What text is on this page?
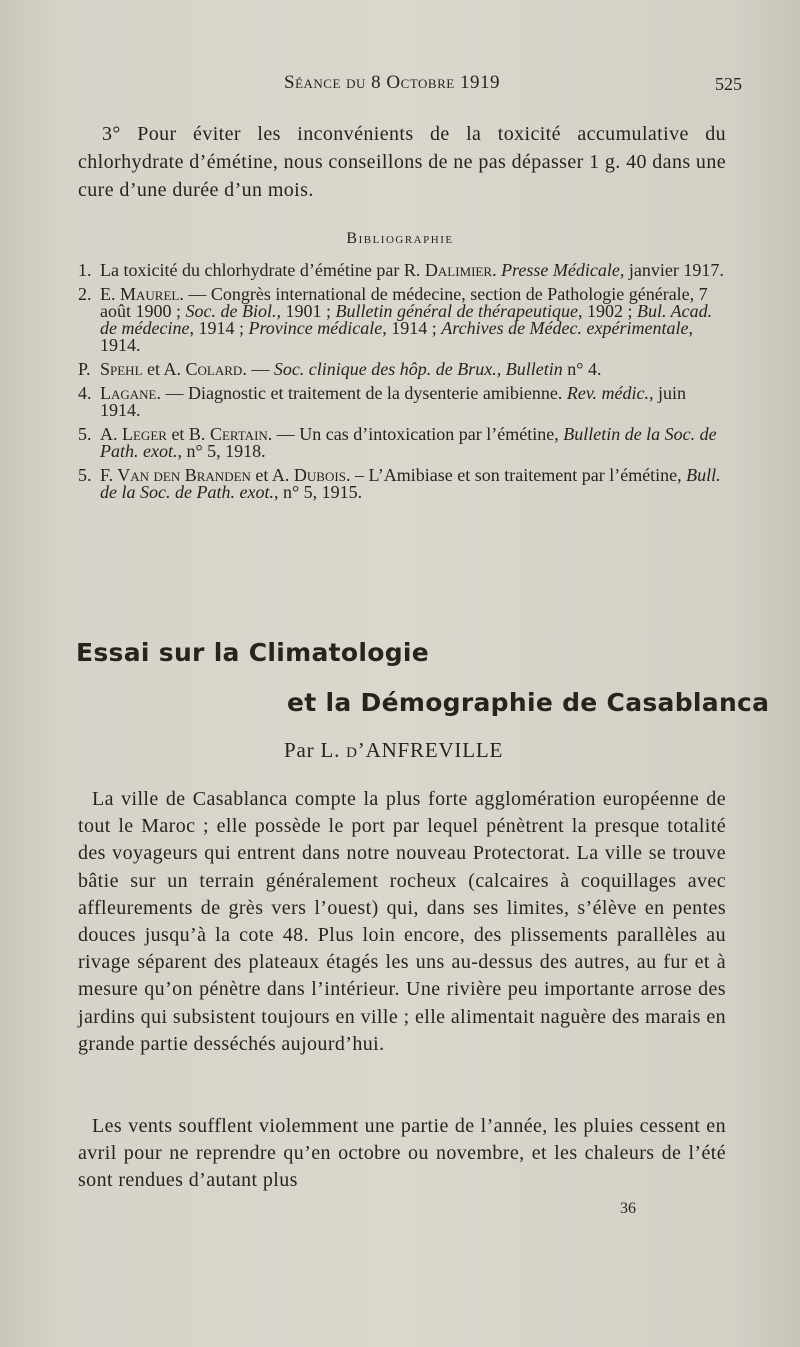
Séance du 8 Octobre 1919	525

3° Pour éviter les inconvénients de la toxicité accumulative du chlorhydrate d’émétine, nous conseillons de ne pas dépasser 1 g. 40 dans une cure d’une durée d’un mois.

Bibliographie
1. La toxicité du chlorhydrate d’émétine par R. Dalimier. Presse Médicale, janvier 1917.
2. E. Maurel. — Congrès international de médecine, section de Pathologie générale, 7 août 1900 ; Soc. de Biol., 1901 ; Bulletin général de thérapeutique, 1902 ; Bul. Acad. de médecine, 1914 ; Province médicale, 1914 ; Archives de Médec. expérimentale, 1914.
P. Spehl et A. Colard. — Soc. clinique des hôp. de Brux., Bulletin n° 4.
4. Lagane. — Diagnostic et traitement de la dysenterie amibienne. Rev. médic., juin 1914.
5. A. Leger et B. Certain. — Un cas d’intoxication par l’émétine, Bulletin de la Soc. de Path. exot., n° 5, 1918.
5. F. Van den Branden et A. Dubois. – L’Amibiase et son traitement par l’émétine, Bull. de la Soc. de Path. exot., n° 5, 1915.
Essai sur la Climatologie
et la Démographie de Casablanca
Par L. d’ANFREVILLE

La ville de Casablanca compte la plus forte agglomération européenne de tout le Maroc ; elle possède le port par lequel pénètrent la presque totalité des voyageurs qui entrent dans notre nouveau Protectorat. La ville se trouve bâtie sur un terrain généralement rocheux (calcaires à coquillages avec affleurements de grès vers l’ouest) qui, dans ses limites, s’élève en pentes douces jusqu’à la cote 48. Plus loin encore, des plissements parallèles au rivage séparent des plateaux étagés les uns au-dessus des autres, au fur et à mesure qu’on pénètre dans l’intérieur. Une rivière peu importante arrose des jardins qui subsistent toujours en ville ; elle alimentait naguère des marais en grande partie desséchés aujourd’hui.

Les vents soufflent violemment une partie de l’année, les pluies cessent en avril pour ne reprendre qu’en octobre ou novembre, et les chaleurs de l’été sont rendues d’autant plus

36
